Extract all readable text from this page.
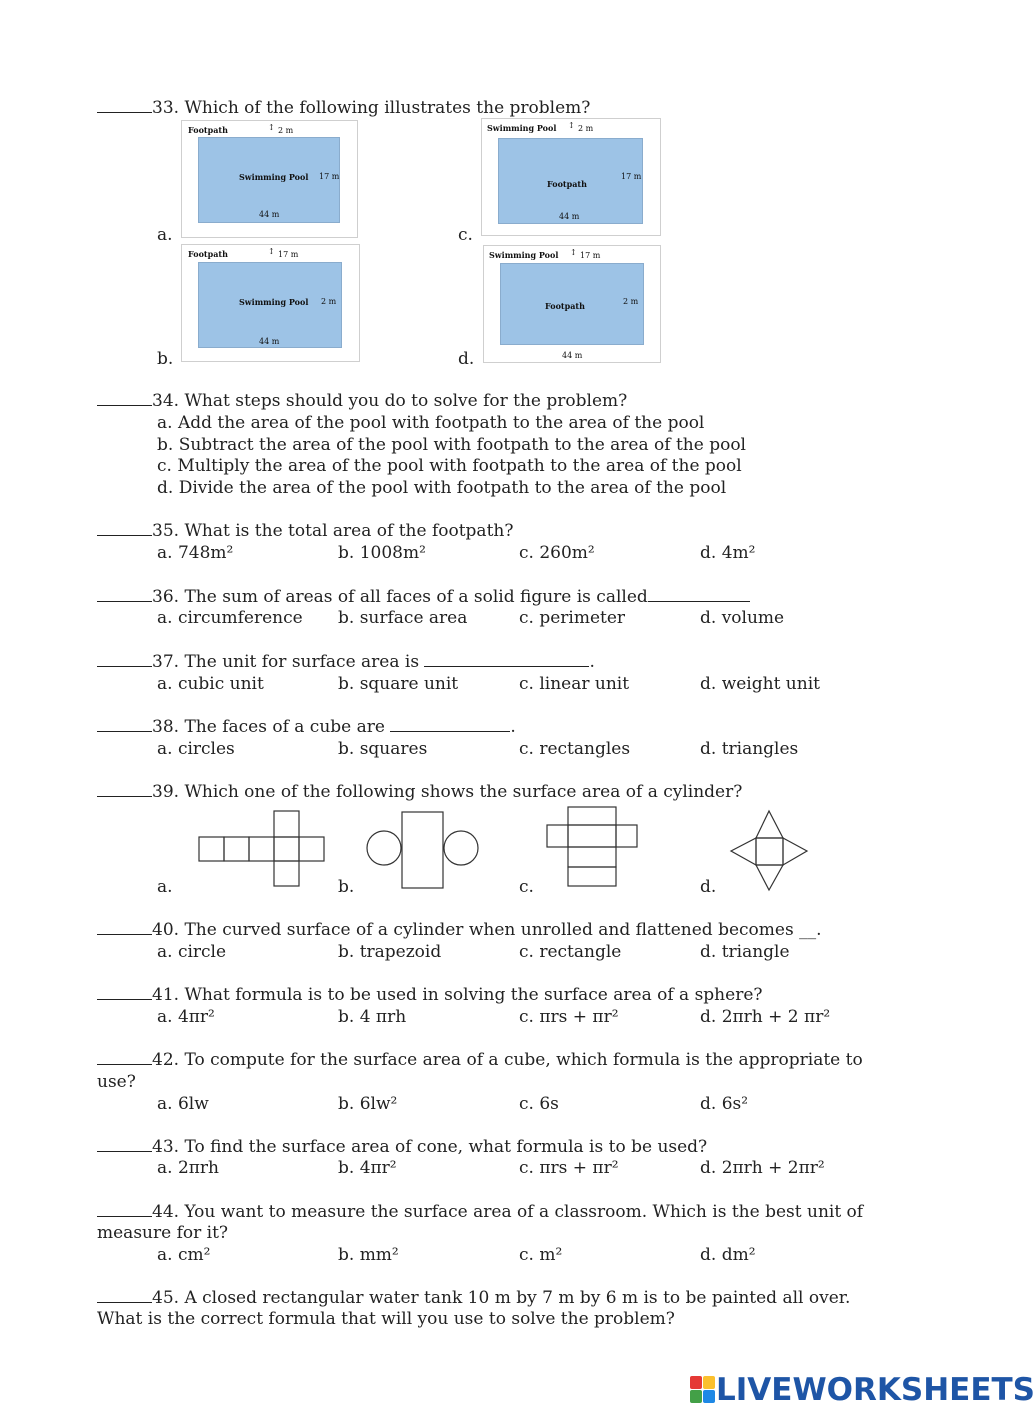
33. Which of the following illustrates the problem?
a.
Footpath	↕ 2 m
Swimming Pool 17 m
44 m
b.
Footpath	↕ 17 m
Swimming Pool 2 m
44 m
c.
Swimming Pool ↕ 2 m
Footpath
17 m
44 m
d.
Swimming Pool ↕ 17 m
Footpath	2 m
44 m
34. What steps should you do to solve for the problem?
a. Add the area of the pool with footpath to the area of the pool
b. Subtract the area of the pool with footpath to the area of the pool
c. Multiply the area of the pool with footpath to the area of the pool
d. Divide the area of the pool with footpath to the area of the pool
35. What is the total area of the footpath?
a. 748m²	b. 1008m²	c. 260m²	d. 4m²
36. The sum of areas of all faces of a solid figure is called
a. circumference b. surface area	c. perimeter	d. volume
37. The unit for surface area is	.
a. cubic unit	b. square unit	c. linear unit	d. weight unit
38. The faces of a cube are	.
a. circles	b. squares	c. rectangles	d. triangles
39. Which one of the following shows the surface area of a cylinder?
a.	b.	c.	d.
40. The curved surface of a cylinder when unrolled and flattened becomes __.
a. circle	b. trapezoid	c. rectangle	d. triangle
41. What formula is to be used in solving the surface area of a sphere?
a. 4πr²	b. 4 πrh	c. πrs + πr²	d. 2πrh + 2 πr²
42. To compute for the surface area of a cube, which formula is the appropriate to
use?
a. 6lw	b. 6lw²	c. 6s	d. 6s²
43. To find the surface area of cone, what formula is to be used?
a. 2πrh	b. 4πr²	c. πrs + πr²	d. 2πrh + 2πr²
44. You want to measure the surface area of a classroom. Which is the best unit of
measure for it?
a. cm²	b. mm²	c. m²	d. dm²
45. A closed rectangular water tank 10 m by 7 m by 6 m is to be painted all over.
What is the correct formula that will you use to solve the problem?
LIVEWORKSHEETS
